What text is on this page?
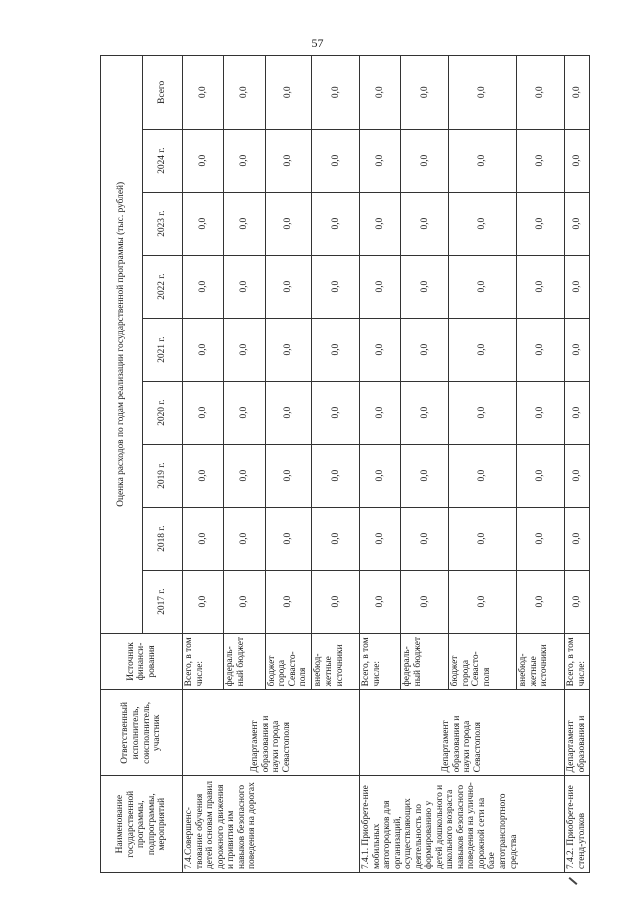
57
Наименование государственной программы, подпрограммы, мероприятий	Ответственный исполнитель, соисполнитель, участник	Источник финанси-рования	Оценка расходов по годам реализации государственной программы (тыс. рублей)								
			2017 г.	2018 г.	2019 г.	2020 г.	2021 г.	2022 г.	2023 г.	2024 г.	Всего
7.4.Совершенс-твование обучения детей основам правил дорожного движения и привития им навыков безопасного поведения на дорогах	Департамент образования и науки города Севастополя	Всего, в том числе:	0,0	0,0	0,0	0,0	0,0	0,0	0,0	0,0	0,0
		федераль-ный бюджет	0,0	0,0	0,0	0,0	0,0	0,0	0,0	0,0	0,0
		бюджет города Севасто-поля	0,0	0,0	0,0	0,0	0,0	0,0	0,0	0,0	0,0
		внебюд-жетные источники	0,0	0,0	0,0	0,0	0,0	0,0	0,0	0,0	0,0
7.4.1. Приобрете-ние мобильных автогородков для организаций, осуществляющих деятельность по формированию у детей дошкольного и школьного возраста навыков безопасного поведения на улично-дорожной сети на базе автотранспортного средства	Департамент образования и науки города Севастополя	Всего, в том числе:	0,0	0,0	0,0	0,0	0,0	0,0	0,0	0,0	0,0
		федераль-ный бюджет	0,0	0,0	0,0	0,0	0,0	0,0	0,0	0,0	0,0
		бюджет города Севасто-поля	0,0	0,0	0,0	0,0	0,0	0,0	0,0	0,0	0,0
		внебюд-жетные источники	0,0	0,0	0,0	0,0	0,0	0,0	0,0	0,0	0,0
7.4.2. Приобрете-ние стенд-уголков	Департамент образования и	Всего, в том числе:	0,0	0,0	0,0	0,0	0,0	0,0	0,0	0,0	0,0
